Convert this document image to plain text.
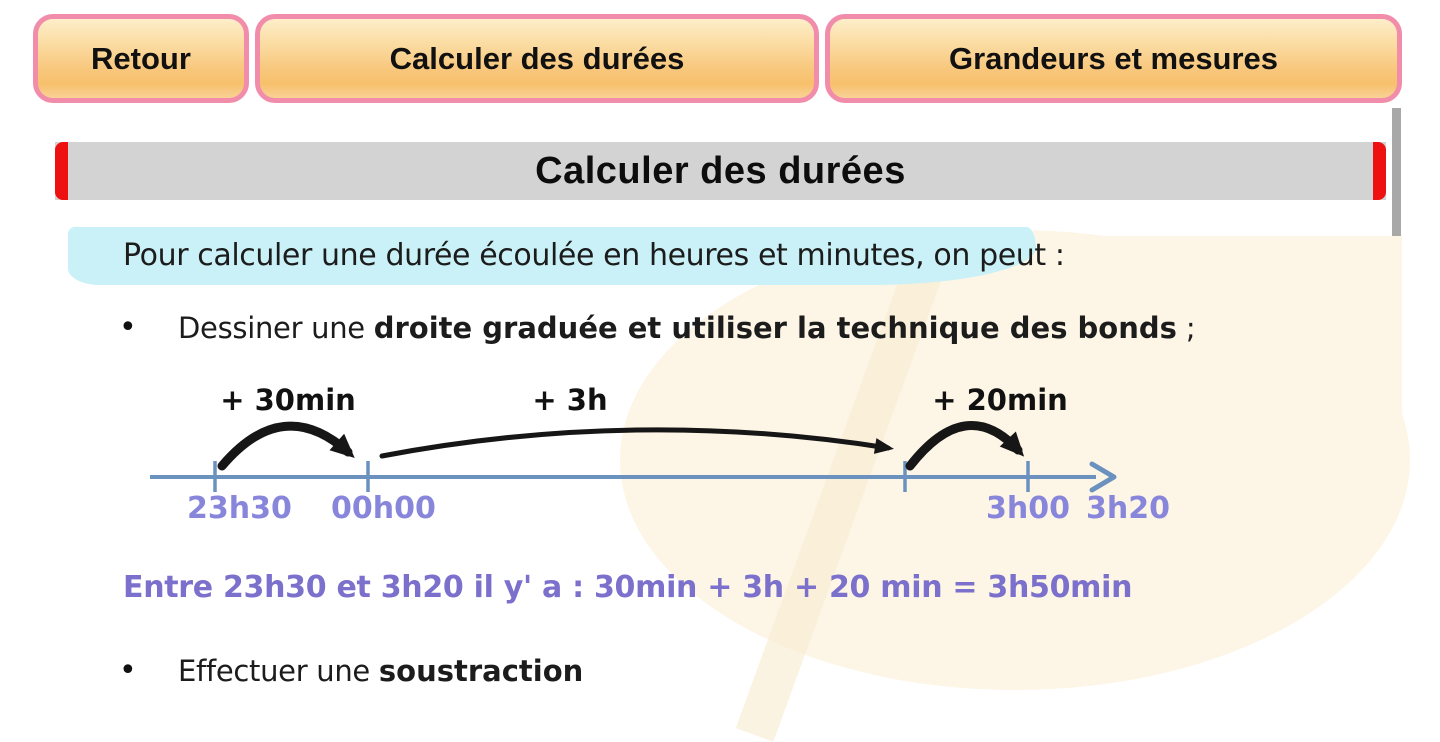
Retour	Calculer des durées	Grandeurs et mesures
Calculer des durées
Pour calculer une durée écoulée en heures et minutes, on peut :
• Dessiner une droite graduée et utiliser la technique des bonds ;
+ 30min	+ 3h	+ 20min
23h30 00h00	3h00 3h20
Entre 23h30 et 3h20 il y' a : 30min + 3h + 20 min = 3h50min
• Effectuer une soustraction
